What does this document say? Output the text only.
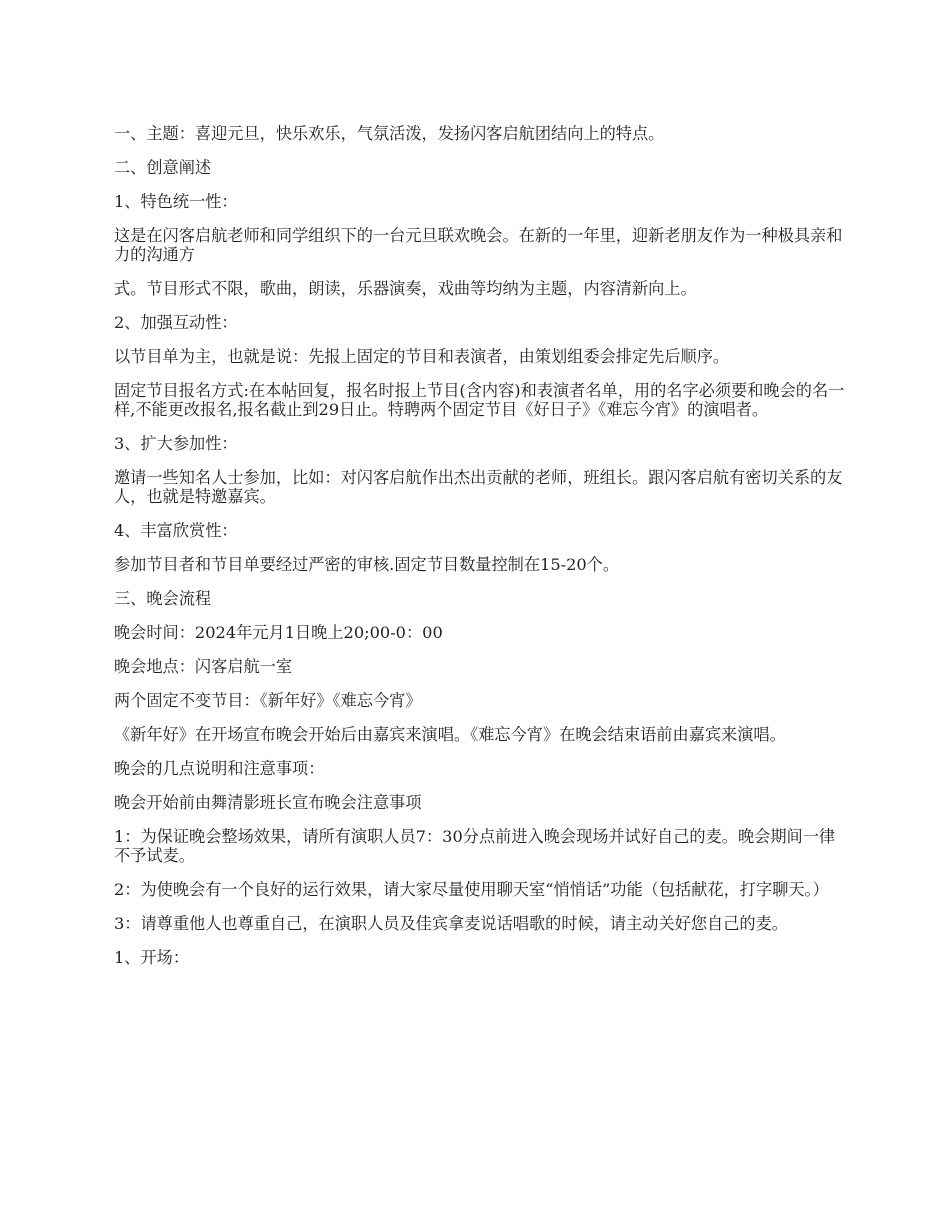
一、主题：喜迎元旦，快乐欢乐，气氛活泼，发扬闪客启航团结向上的特点。

二、创意阐述

1、特色统一性：

这是在闪客启航老师和同学组织下的一台元旦联欢晚会。在新的一年里，迎新老朋友作为一种极具亲和力的沟通方

式。节目形式不限，歌曲，朗读，乐器演奏，戏曲等均纳为主题，内容清新向上。

2、加强互动性：

以节目单为主，也就是说：先报上固定的节目和表演者，由策划组委会排定先后顺序。

固定节目报名方式:在本帖回复，报名时报上节目(含内容)和表演者名单，用的名字必须要和晚会的名一样,不能更改报名,报名截止到29日止。特聘两个固定节目《好日子》《难忘今宵》的演唱者。

3、扩大参加性：

邀请一些知名人士参加，比如：对闪客启航作出杰出贡献的老师，班组长。跟闪客启航有密切关系的友人，也就是特邀嘉宾。

4、丰富欣赏性：

参加节目者和节目单要经过严密的审核.固定节目数量控制在15-20个。

三、晚会流程

晚会时间：2024年元月1日晚上20;00-0：00

晚会地点：闪客启航一室

两个固定不变节目：《新年好》《难忘今宵》

《新年好》在开场宣布晚会开始后由嘉宾来演唱。《难忘今宵》在晚会结束语前由嘉宾来演唱。

晚会的几点说明和注意事项：

晚会开始前由舞清影班长宣布晚会注意事项

1：为保证晚会整场效果，请所有演职人员7：30分点前进入晚会现场并试好自己的麦。晚会期间一律不予试麦。

2：为使晚会有一个良好的运行效果，请大家尽量使用聊天室“悄悄话”功能（包括献花，打字聊天。）

3：请尊重他人也尊重自己，在演职人员及佳宾拿麦说话唱歌的时候，请主动关好您自己的麦。

1、开场：
